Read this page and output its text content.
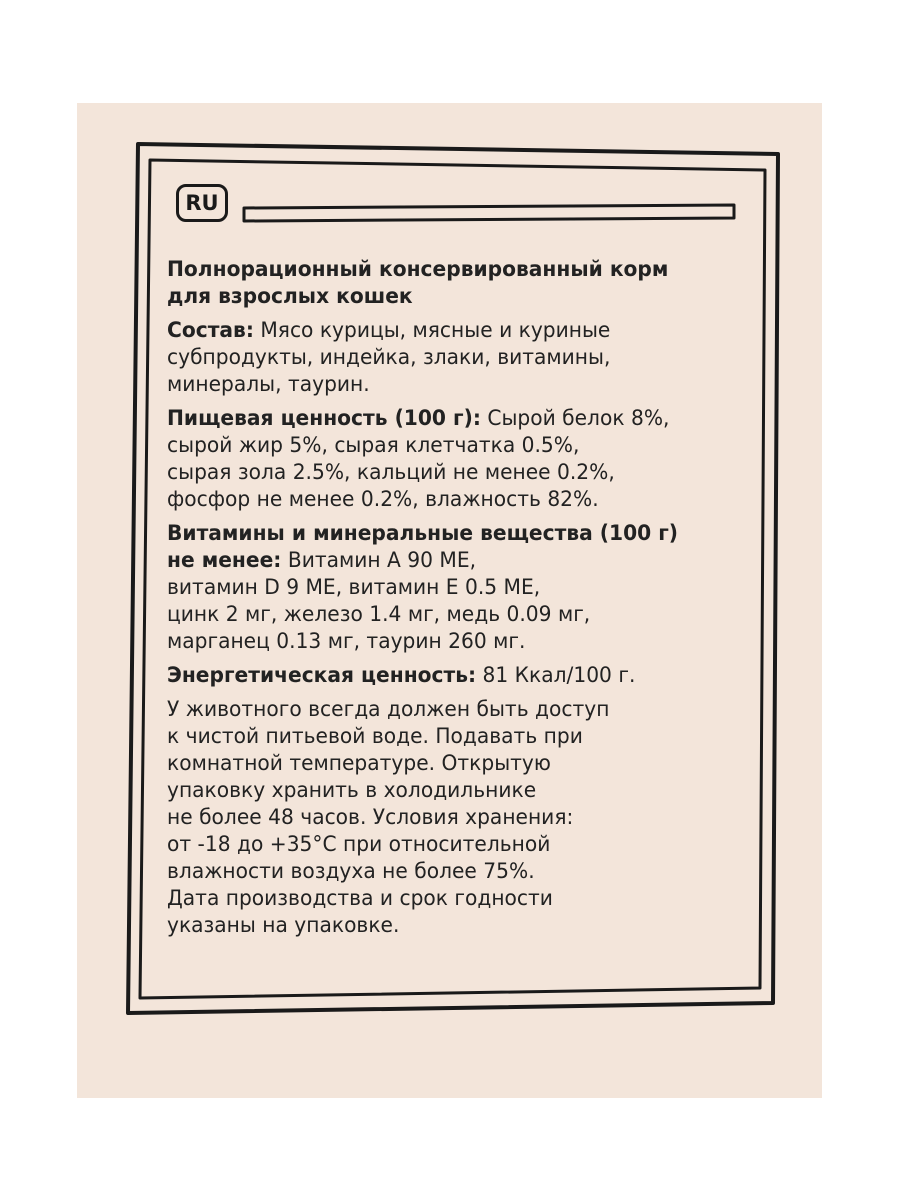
RU
Полнорационный консервированный корм
для взрослых кошек
Состав: Мясо курицы, мясные и куриные
субпродукты, индейка, злаки, витамины,
минералы, таурин.
Пищевая ценность (100 г): Сырой белок 8%,
сырой жир 5%, сырая клетчатка 0.5%,
сырая зола 2.5%, кальций не менее 0.2%,
фосфор не менее 0.2%, влажность 82%.
Витамины и минеральные вещества (100 г)
не менее: Витамин А 90 МЕ,
витамин D 9 МЕ, витамин Е 0.5 МЕ,
цинк 2 мг, железо 1.4 мг, медь 0.09 мг,
марганец 0.13 мг, таурин 260 мг.
Энергетическая ценность: 81 Ккал/100 г.
У животного всегда должен быть доступ
к чистой питьевой воде. Подавать при
комнатной температуре. Открытую
упаковку хранить в холодильнике
не более 48 часов. Условия хранения:
от -18 до +35°C при относительной
влажности воздуха не более 75%.
Дата производства и срок годности
указаны на упаковке.
